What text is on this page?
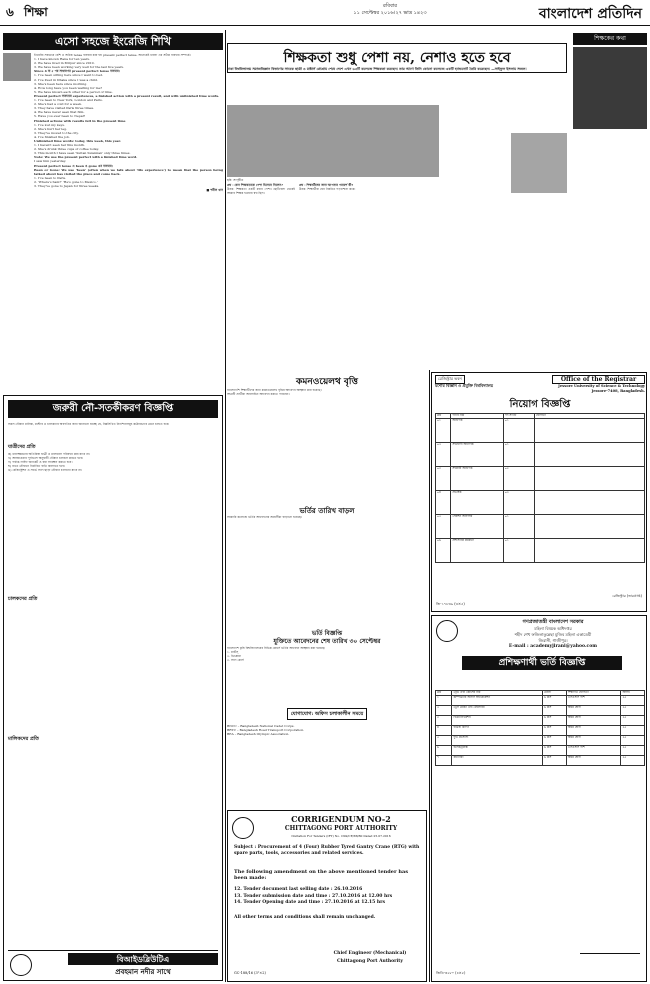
৬ শিক্ষা	রবিবার
১১ সেপ্টেম্বর ২০১৬।২৭ ভাদ্র ১৪২৩	বাংলাদেশ প্রতিদিন
এসো সহজে ইংরেজি শিখি

ইংরেজি সবচেয়ে বেশি ও অধিক tense ব্যবহার করা হয় present perfect tense. অনেকেই ধারণা এর সঠিক ব্যবহার সম্পর্কে।

1. I have known Rana for ten years.

2. We have lived in Mirpur since 2010.

3. We have been working very well for the last five years.

Since 4 বা ৫ পর সাধারণত present perfect tense ব্যবহার।

1. I've been sitting here since I went to bed.

2. I've lived in Dhaka since I was a child.

3. She's been here since morning.

4. How long have you been waiting for me?

5. We have known each other for a period of time.

Present perfect ব্যবহারে experiences, a finished action with a present result, and with unfinished time words.

1. I've been to New York, London and Paris.

2. She's had a cold for a week.

3. They have visited Paris three times.

4. We have never seen that film.

5. Have you ever been to Nepal?

Finished actions with results felt in the present time

1. I've lost my keys.

2. She's hurt her leg.

3. They've moved to the city.

4. I've finished the job.

Unfinished time words: today, this week, this year.

1. I haven't seen her this month.

2. She's drunk three cups of coffee today.

3. This month I have seen 'Sultan Suleiman' only three times.

Note: We use the present perfect with a finished time word.

I saw him yesterday.

Present perfect tense এ been ও gone এর ব্যবহার।

Been or Gone: We use 'been' (often when we talk about 'life experience') to mean that the person being talked about has visited the place and come back.

1. I've been to Paris.

2. 'Where's Sam?' 'He's gone to Mexico.'

3. They've gone to Japan for three weeks.

■ শরীফ খান

শিক্ষকের কথা
শিক্ষকতা শুধু পেশা নয়, নেশাও হতে হবে
ঢাকা বিশ্ববিদ্যালয় সমাজবিজ্ঞান বিভাগের সাবেক ছাত্রী ও মাষ্টার্স প্রোগ্রাম শেষে দেশে এখন ৬৫টি কলেজে শিক্ষকতা করছেন। তার আগে তিনি কোনো কলেজে একটি হ্যান্ডনোট তৈরি করেছেন। —সাইফুল ইসলাম সজল।
ছবি: সংগৃহীত

প্রশ্ন : কেন শিক্ষকতাকে পেশা হিসেবে নিলেন?

উত্তর: শিক্ষকতা একটি মহান পেশা। ছোটবেলা থেকেই আমার শিক্ষক হওয়ার স্বপ্ন ছিল।

প্রশ্ন : শিক্ষার্থীদের জন্য আপনার পরামর্শ কী?

উত্তর: শিক্ষার্থীরা যেন নিয়মিত পড়াশোনা করে।

কমনওয়েলথ বৃত্তি

বাংলাদেশি শিক্ষার্থীদের জন্য কমনওয়েলথ বৃত্তির আবেদন আহ্বান করা হয়েছে।

আগ্রহী প্রার্থীরা অনলাইনে আবেদন করতে পারবেন।

ভর্তির তারিখ বাড়ল

সরকারি কলেজে ভর্তির আবেদনের সময়সীমা বাড়ানো হয়েছে।

রেজিস্ট্রার ভবন
যশোর বিজ্ঞান ও প্রযুক্তি বিশ্ববিদ্যালয়
Office of the Registrar
Jessore University of Science & Technology
Jessore-7408, Bangladesh.
নিয়োগ বিজ্ঞপ্তি
ক্রম	পদের নাম	পদ সংখ্যা	যোগ্যতা
০১	অধ্যাপক	০১	
০২	সহযোগী অধ্যাপক	০১	
০৩	সহকারী অধ্যাপক	০২	
০৪	প্রভাষক	০৩	
০৫	সেকশন অফিসার	০১	
০৬	প্রশাসনিক কর্মকর্তা	০১	
রেজিস্ট্রার (ভারপ্রাপ্ত)
জি-১৭৮৩৯ (৩×৫)
জরুরী নৌ-সতর্কীকরণ বিজ্ঞপ্তি
সকল নৌযান মালিক, মাস্টার ও চালকদের অবগতির জন্য জানানো যাচ্ছে যে, নিম্নলিখিত নির্দেশনাসমূহ কঠোরভাবে মেনে চলতে হবে।
যাত্রীদের প্রতি

ক) ধারণক্ষমতার অতিরিক্ত যাত্রী ও মালামাল পরিবহন করা যাবে না।

খ) আবহাওয়ার পূর্বাভাস অনুযায়ী নৌযান চলাচল করতে হবে।

গ) পর্যাপ্ত লাইফ জ্যাকেট ও বয়া সংরক্ষণ করতে হবে।

ঘ) রাতে নৌযানে নির্ধারিত বাতি জ্বালাতে হবে।

ঙ) রেজিস্ট্রেশন ও সার্ভে সনদ ছাড়া নৌযান চালানো যাবে না।

চালকদের প্রতি
মালিকদের প্রতি
বিআইডব্লিউটিএ
প্রবহমান নদীর সাথে
ভর্তি বিজ্ঞপ্তি
যুক্তিতে আবেদনের শেষ তারিখ ৩০ সেপ্টেম্বর

বাংলাদেশ কৃষি বিশ্ববিদ্যালয়ের বিভিন্ন কোর্সে ভর্তির আবেদন আহ্বান করা হয়েছে।

১. ম্যাটস্

২. ডিপ্লোমা

৩. সনদ কোর্স

যোগাযোগ: অফিস চলাকালীন সময়ে

BNCC – Bangladesh National Cadet Corps.

BRTC – Bangladesh Road Transport Corporation.

BEA – Bangladesh Olympic Association.

CORRIGENDUM NO-2
CHITTAGONG PORT AUTHORITY
Invitation For Tenders (IFT) No. CPA/CE/88/80 Dated 25.07.2016
Subject : Procurement of 4 (Four) Rubber Tyred Gantry Crane (RTG) with spare parts, tools, accessories and related services.
The following amendment on the above mentioned tender has been made:

12. Tender document last selling date : 26.10.2016

13. Tender submission date and time : 27.10.2016 at 12.00 hrs

14. Tender Opening date and time : 27.10.2016 at 12.15 hrs

All other terms and conditions shall remain unchanged.
Chief Engineer (Mechanical)
Chittagong Port Authority
GC-188/16 (3"×2)
গণপ্রজাতন্ত্রী বাংলাদেশ সরকার
মহিলা বিষয়ক অধিদপ্তর
শহীদ শেখ ফজিলাতুন্নেছা মুজিব মহিলা একাডেমী
জিরানী, গাজীপুর।
E-mail : academyjirani@yahoo.com
প্রশিক্ষণার্থী ভর্তি বিজ্ঞপ্তি
ক্রম	ট্রেড এবং কোর্সের নাম	মেয়াদ	শিক্ষাগত যোগ্যতা	আসন
১	কম্পিউটার অফিস অ্যাপ্লিকেশন	৬ মাস	এসএসসি পাশ	২৫
২	ড্রেস মেকিং এন্ড টেইলারিং	৬ মাস	অষ্টম শ্রেণী	২৫
৩	বিউটিফিকেশন	৬ মাস	অষ্টম শ্রেণী	২৫
৪	হাউজ কিপিং	৬ মাস	অষ্টম শ্রেণী	২৫
৫	ফুড প্রসেসিং	৬ মাস	অষ্টম শ্রেণী	২৫
৬	ইলেকট্রনিক্স	৬ মাস	এসএসসি পাশ	২৫
৭	ক্যাটারিং	৬ মাস	অষ্টম শ্রেণী	২৫
জিডি-৩২৮০ (৪×৫)
